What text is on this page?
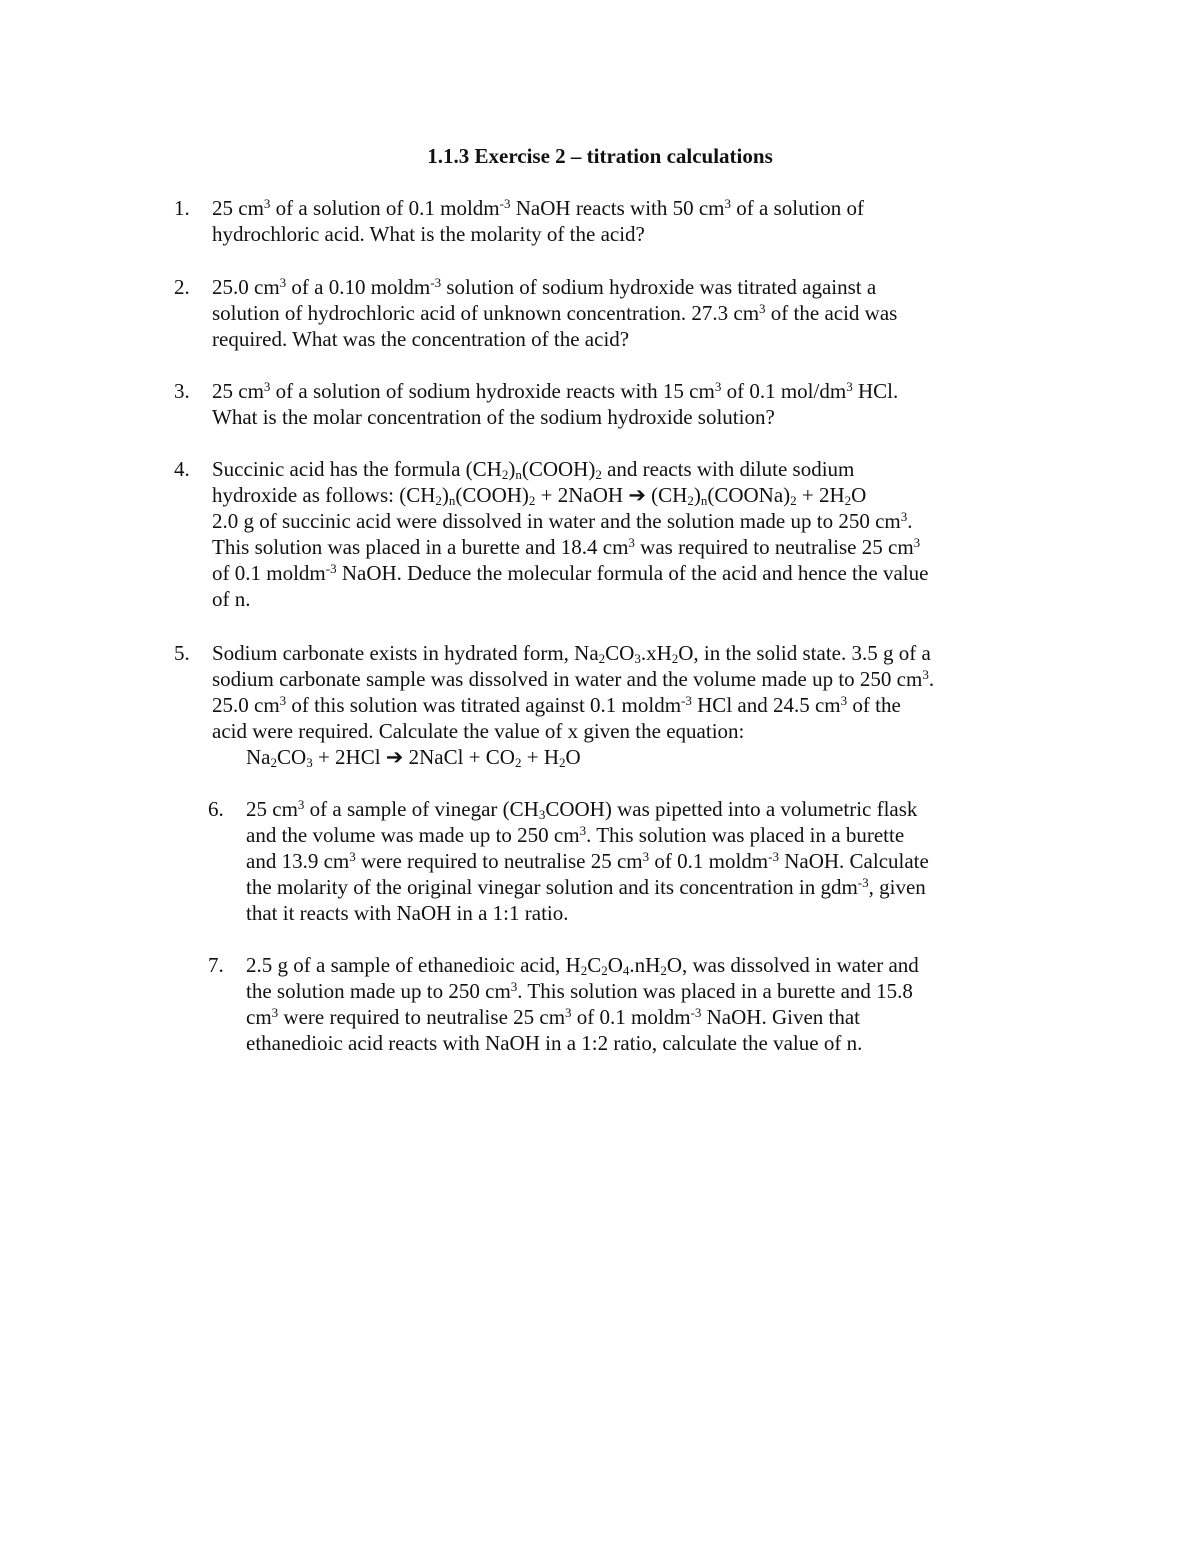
1.1.3 Exercise 2 – titration calculations
1. 25 $cm^3$ of a solution of 0.1 moldm$^{-3}$ NaOH reacts with 50 $cm^3$ of a solution of
hydrochloric acid. What is the molarity of the acid?
2. 25.0 $cm^3$ of a 0.10 moldm$^{-3}$ solution of sodium hydroxide was titrated against a
solution of hydrochloric acid of unknown concentration. 27.3 $cm^3$ of the acid was
required. What was the concentration of the acid?
3. 25 $cm^3$ of a solution of sodium hydroxide reacts with 15 $cm^3$ of 0.1 mol/$dm^3$ HCl.
What is the molar concentration of the sodium hydroxide solution?
4. Succinic acid has the formula $(CH_2)_n(COOH)_2$ and reacts with dilute sodium
hydroxide as follows: $(CH_2)_n(COOH)_2$ + 2NaOH ➔ $(CH_2)_n(COONa)_2 + 2H_2O$
2.0 g of succinic acid were dissolved in water and the solution made up to 250 $cm^3$.
This solution was placed in a burette and 18.4 $cm^3$ was required to neutralise 25 $cm^3$
of 0.1 moldm$^{-3}$ NaOH. Deduce the molecular formula of the acid and hence the value
of n.
5. Sodium carbonate exists in hydrated form, $Na_2CO_3.xH_2O$, in the solid state. 3.5 g of a
sodium carbonate sample was dissolved in water and the volume made up to 250 $cm^3$.
25.0 $cm^3$ of this solution was titrated against 0.1 moldm$^{-3}$ HCl and 24.5 $cm^3$ of the
acid were required. Calculate the value of x given the equation:
$Na_2CO_3 + 2HCl$ ➔ 2NaCl + $CO_2 + H_2O$
6. 25 $cm^3$ of a sample of vinegar $(CH_3COOH)$ was pipetted into a volumetric flask
and the volume was made up to 250 $cm^3$. This solution was placed in a burette
and 13.9 $cm^3$ were required to neutralise 25 $cm^3$ of 0.1 moldm$^{-3}$ NaOH. Calculate
the molarity of the original vinegar solution and its concentration in gdm$^{-3}$, given
that it reacts with NaOH in a 1:1 ratio.
7. 2.5 g of a sample of ethanedioic acid, $H_2C_2O_4.nH_2O$, was dissolved in water and
the solution made up to 250 $cm^3$. This solution was placed in a burette and 15.8
$cm^3$ were required to neutralise 25 $cm^3$ of 0.1 moldm$^{-3}$ NaOH. Given that
ethanedioic acid reacts with NaOH in a 1:2 ratio, calculate the value of n.
